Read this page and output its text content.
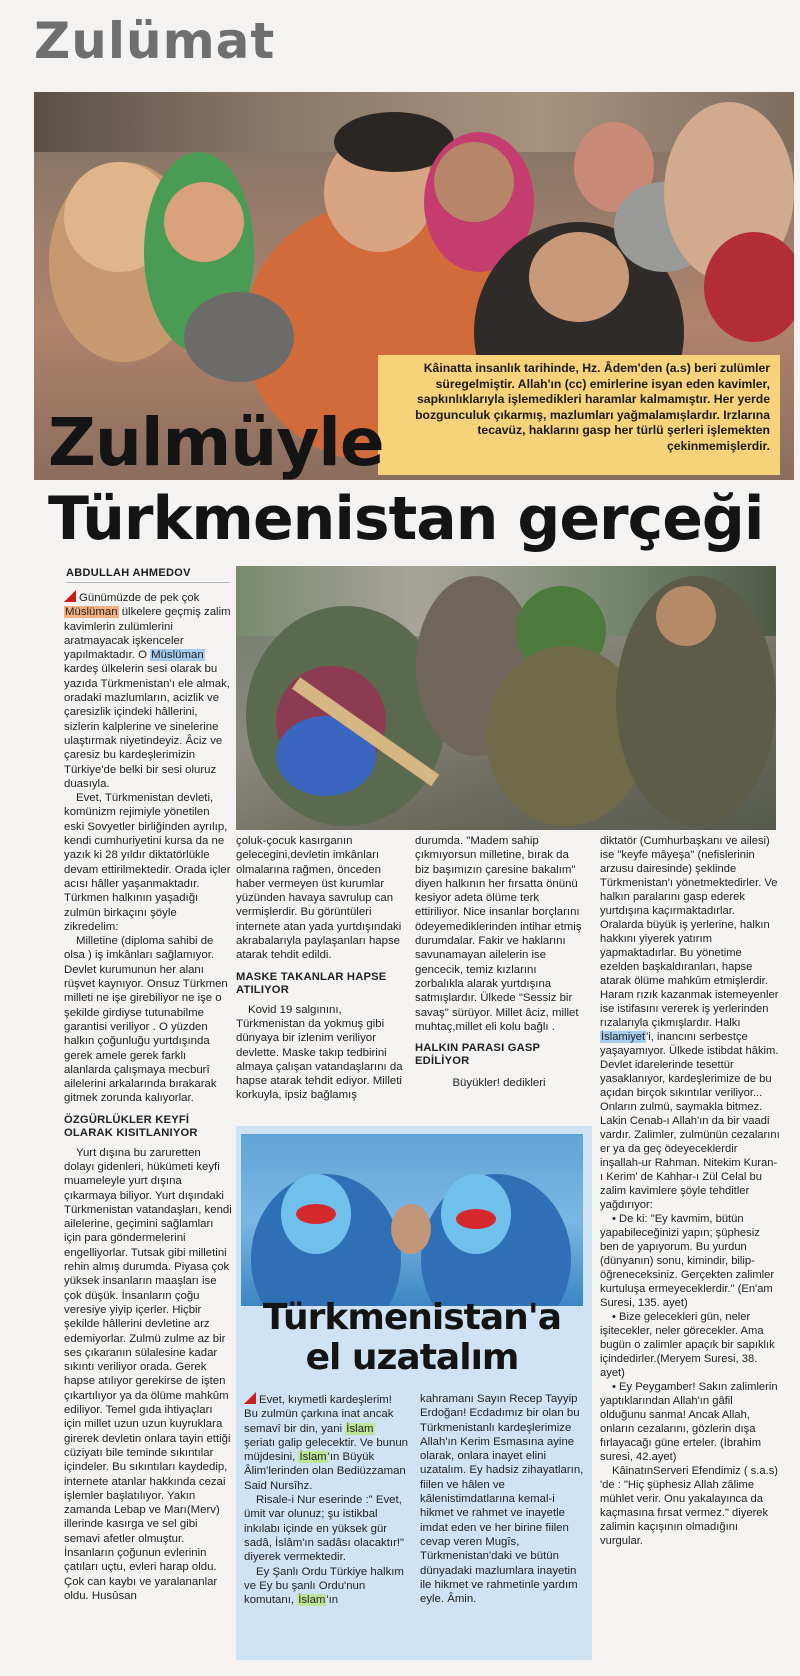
Zulümat
Kâinatta insanlık tarihinde, Hz. Âdem'den (a.s) beri zulümler süregelmiştir. Allah'ın (cc) emirlerine isyan eden kavimler, sapkınlıklarıyla işlemedikleri haramlar kalmamıştır. Her yerde bozgunculuk çıkarmış, mazlumları yağmalamışlardır. Irzlarına tecavüz, haklarını gasp her türlü şerleri işlemekten çekinmemişlerdir.
Zulmüyle
Türkmenistan gerçeği
ABDULLAH AHMEDOV

Günümüzde de pek çok Müslüman ülkelere geçmiş zalim kavimlerin zulümlerini aratmayacak işkenceler yapılmaktadır. O Müslüman kardeş ülkelerin sesi olarak bu yazıda Türkmenistan'ı ele almak, oradaki mazlumların, acizlik ve çaresizlik içindeki hâllerini, sizlerin kalplerine ve sinelerine ulaştırmak niyetindeyiz. Âciz ve çaresiz bu kardeşlerimizin Türkiye'de belki bir sesi oluruz duasıyla.

Evet, Türkmenistan devleti, komünizm rejimiyle yönetilen eski Sovyetler birliğinden ayrılıp, kendi cumhuriyetini kursa da ne yazık ki 28 yıldır diktatörlükle devam ettirilmektedir. Orada içler acısı hâller yaşanmaktadır. Türkmen halkının yaşadığı zulmün birkaçını şöyle zikredelim:

Milletine (diploma sahibi de olsa ) iş imkânları sağlamıyor. Devlet kurumunun her alanı rüşvet kaynıyor. Onsuz Türkmen milleti ne işe girebiliyor ne işe o şekilde girdiyse tutunabilme garantisi veriliyor . O yüzden halkın çoğunluğu yurtdışında gerek amele gerek farklı alanlarda çalışmaya mecburî ailelerini arkalarında bırakarak gitmek zorunda kalıyorlar.

ÖZGÜRLÜKLER KEYFİ OLARAK KISITLANIYOR

Yurt dışına bu zaruretten dolayı gidenleri, hükümeti keyfi muameleyle yurt dışına çıkarmaya biliyor. Yurt dışındaki Türkmenistan vatandaşları, kendi ailelerine, geçimini sağlamları için para göndermelerini engelliyorlar. Tutsak gibi milletini rehin almış durumda. Piyasa çok yüksek insanların maaşları ise çok düşük. İnsanların çoğu veresiye yiyip içerler. Hiçbir şekilde hâllerini devletine arz edemiyorlar. Zulmü zulme az bir ses çıkaranın sülalesine kadar sıkıntı veriliyor orada. Gerek hapse atılıyor gerekirse de işten çıkartılıyor ya da ölüme mahkûm ediliyor. Temel gıda ihtiyaçları için millet uzun uzun kuyruklara girerek devletin onlara tayin ettiği cüziyatı bile teminde sıkıntılar içindeler. Bu sıkıntıları kaydedip, internete atanlar hakkında cezai işlemler başlatılıyor. Yakın zamanda Lebap ve Marı(Merv) illerinde kasırga ve sel gibi semavi afetler olmuştur. İnsanların çoğunun evlerinin çatıları uçtu, evleri harap oldu. Çok can kaybı ve yaralananlar oldu. Husûsan

çoluk-çocuk kasırganın gelecegini,devletin imkânları olmalarına rağmen, önceden haber vermeyen üst kurumlar yüzünden havaya savrulup can vermişlerdir. Bu görüntüleri internete atan yada yurtdışındaki akrabalarıyla paylaşanları hapse atarak tehdit edildi.

MASKE TAKANLAR HAPSE ATILIYOR

Kovid 19 salgınını, Türkmenistan da yokmuş gibi dünyaya bir izlenim veriliyor devlette. Maske takıp tedbirini almaya çalışan vatandaşlarını da hapse atarak tehdit ediyor. Milleti korkuyla, ipsiz bağlamış

durumda. "Madem sahip çıkmıyorsun milletine, bırak da biz başımızın çaresine bakalım" diyen halkının her fırsatta önünü kesiyor adeta ölüme terk ettiriliyor. Nice insanlar borçlarını ödeyemediklerinden intihar etmiş durumdalar. Fakir ve haklarını savunamayan ailelerin ise gencecik, temiz kızlarını zorbalıkla alarak yurtdışına satmışlardır. Ülkede "Sessiz bir savaş" sürüyor. Millet âciz, millet muhtaç,millet eli kolu bağlı .

HALKIN PARASI GASP EDİLİYOR

Büyükler! dedikleri

diktatör (Cumhurbaşkanı ve ailesi) ise "keyfe mâyeşa" (nefislerinin arzusu dairesinde) şeklinde Türkmenistan'ı yönetmektedirler. Ve halkın paralarını gasp ederek yurtdışına kaçırmaktadırlar. Oralarda büyük iş yerlerine, halkın hakkını yiyerek yatırım yapmaktadırlar. Bu yönetime ezelden başkaldıranları, hapse atarak ölüme mahkûm etmişlerdir. Haram rızık kazanmak istemeyenler ise istifasını vererek iş yerlerinden rızalarıyla çıkmışlardır. Halkı İslamiyet'i, inancını serbestçe yaşayamıyor. Ülkede istibdat hâkim. Devlet idarelerinde tesettür yasaklanıyor, kardeşlerimize de bu açıdan birçok sıkıntılar veriliyor... Onların zulmü, saymakla bitmez. Lakin Cenab-ı Allah'ın da bir vaadi vardır. Zalimler, zulmünün cezalarını er ya da geç ödeyeceklerdir inşallah-ur Rahman. Nitekim Kuran-ı Kerim' de Kahhar-ı Zül Celal bu zalim kavimlere şöyle tehditler yağdırıyor:

• De ki: "Ey kavmim, bütün yapabileceğinizi yapın; şüphesiz ben de yapıyorum. Bu yurdun (dünyanın) sonu, kimindir, bilip-öğreneceksiniz. Gerçekten zalimler kurtuluşa ermeyeceklerdir." (En'am Suresi, 135. ayet)

• Bize gelecekleri gün, neler işitecekler, neler görecekler. Ama bugün o zalimler apaçık bir sapıklık içindedirler.(Meryem Suresi, 38. ayet)

• Ey Peygamber! Sakın zalimlerin yaptıklarından Allah'ın gâfil olduğunu sanma! Ancak Allah, onların cezalarını, gözlerin dışa fırlayacağı güne erteler. (İbrahim suresi, 42.ayet)

KâinatınServeri Efendimiz ( s.a.s) 'de : "Hiç şüphesiz Allah zâlime mühlet verir. Onu yakalayınca da kaçmasına fırsat vermez." diyerek zalimin kaçışının olmadığını vurgular.

Türkmenistan'a
el uzatalım

Evet, kıymetli kardeşlerim! Bu zulmün çarkına inat ancak semavî bir din, yani İslam şeriatı galip gelecektir. Ve bunun müjdesini, İslam'ın Büyük Âlim'lerinden olan Bediüzzaman Said Nursîhz.

Risale-i Nur eserinde :" Evet, ümit var olunuz; şu istikbal inkılabı içinde en yüksek gür sadâ, İslâm'ın sadâsı olacaktır!" diyerek vermektedir.

Ey Şanlı Ordu Türkiye halkım ve Ey bu şanlı Ordu'nun komutanı, İslam'ın

kahramanı Sayın Recep Tayyip Erdoğan! Ecdadımız bir olan bu Türkmenistanlı kardeşlerimize Allah'ın Kerim Esmasına ayine olarak, onlara inayet elini uzatalım. Ey hadsiz zihayatların, fiilen ve hâlen ve kâlenistimdatlarına kemal-i hikmet ve rahmet ve inayetle imdat eden ve her birine fiilen cevap veren Mugîs, Türkmenistan'daki ve bütün dünyadaki mazlumlara inayetin ile hikmet ve rahmetinle yardım eyle. Âmin.
